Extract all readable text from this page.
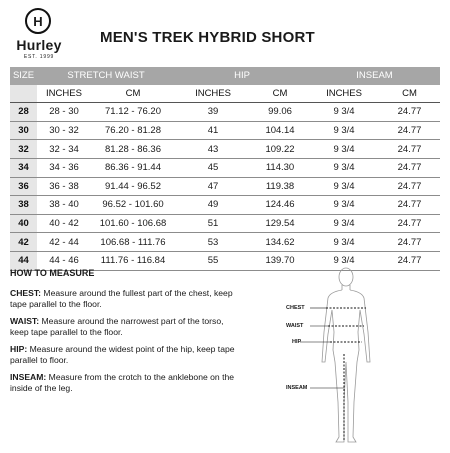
H
Hurley
EST. 1999
MEN'S TREK HYBRID SHORT
SIZE	STRETCH WAIST		HIP		INSEAM	
	INCHES	CM	INCHES	CM	INCHES	CM
28	28 - 30	71.12 - 76.20	39	99.06	9 3/4	24.77
30	30 - 32	76.20 - 81.28	41	104.14	9 3/4	24.77
32	32 - 34	81.28 - 86.36	43	109.22	9 3/4	24.77
34	34 - 36	86.36 - 91.44	45	114.30	9 3/4	24.77
36	36 - 38	91.44 - 96.52	47	119.38	9 3/4	24.77
38	38 - 40	96.52 - 101.60	49	124.46	9 3/4	24.77
40	40 - 42	101.60 - 106.68	51	129.54	9 3/4	24.77
42	42 - 44	106.68 - 111.76	53	134.62	9 3/4	24.77
44	44 - 46	111.76 - 116.84	55	139.70	9 3/4	24.77
HOW TO MEASURE
CHEST: Measure around the fullest part of the chest, keep tape parallel to the floor.
WAIST: Measure around the narrowest part of the torso, keep tape parallel to the floor.
HIP: Measure around the widest point of the hip, keep tape parallel to floor.
INSEAM: Measure from the crotch to the anklebone on the inside of the leg.
CHEST
WAIST
HIP
INSEAM
